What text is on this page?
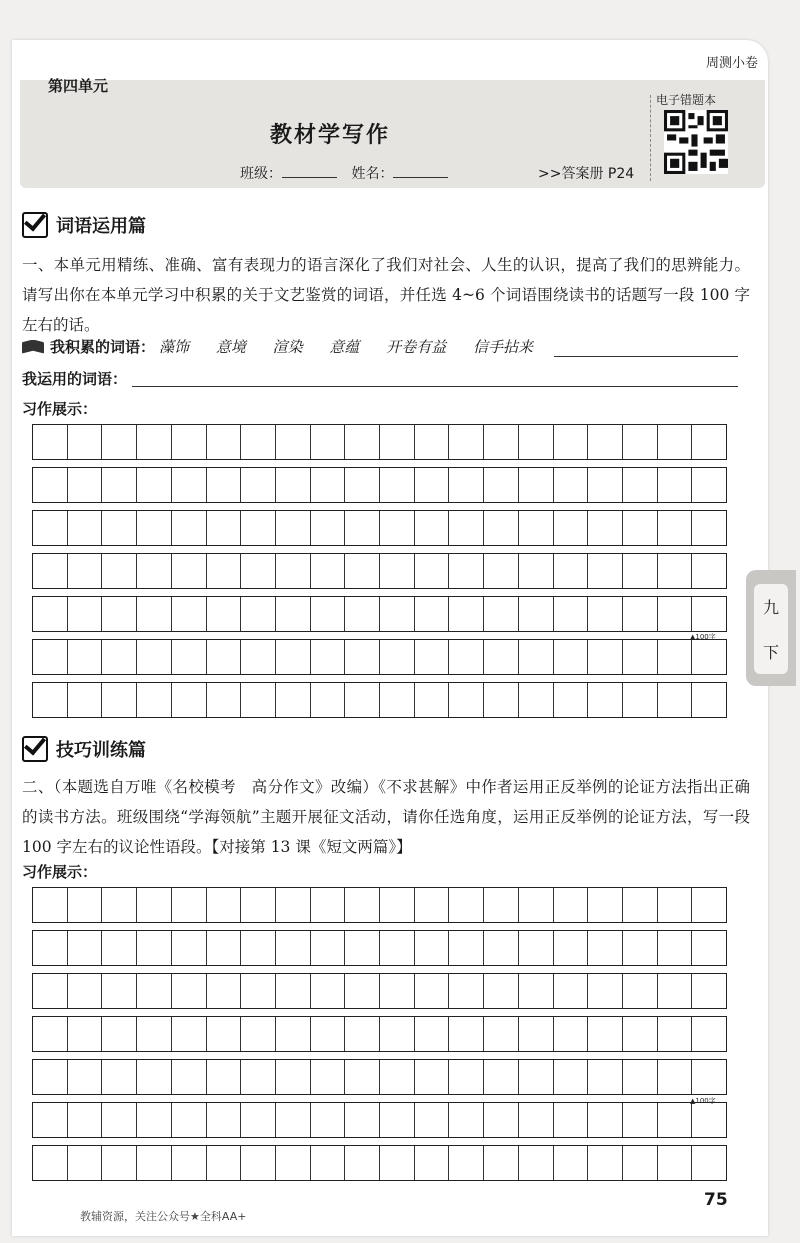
周测小卷
第四单元
教材学写作
班级：	姓名：	>>答案册 P24
电子错题本
词语运用篇
一、本单元用精练、准确、富有表现力的语言深化了我们对社会、人生的认识，提高了我们的思辨能力。请写出你在本单元学习中积累的关于文艺鉴赏的词语，并任选 4~6 个词语围绕读书的话题写一段 100 字左右的话。
我积累的词语： 藻饰 意境 渲染 意蕴 开卷有益 信手拈来
我运用的词语：
习作展示：
▲100字
技巧训练篇
二、（本题选自万唯《名校模考　高分作文》改编）《不求甚解》中作者运用正反举例的论证方法指出正确的读书方法。班级围绕“学海领航”主题开展征文活动，请你任选角度，运用正反举例的论证方法，写一段 100 字左右的议论性语段。【对接第 13 课《短文两篇》】
习作展示：
▲100字
九
下
75
教辅资源，关注公众号★全科AA+
